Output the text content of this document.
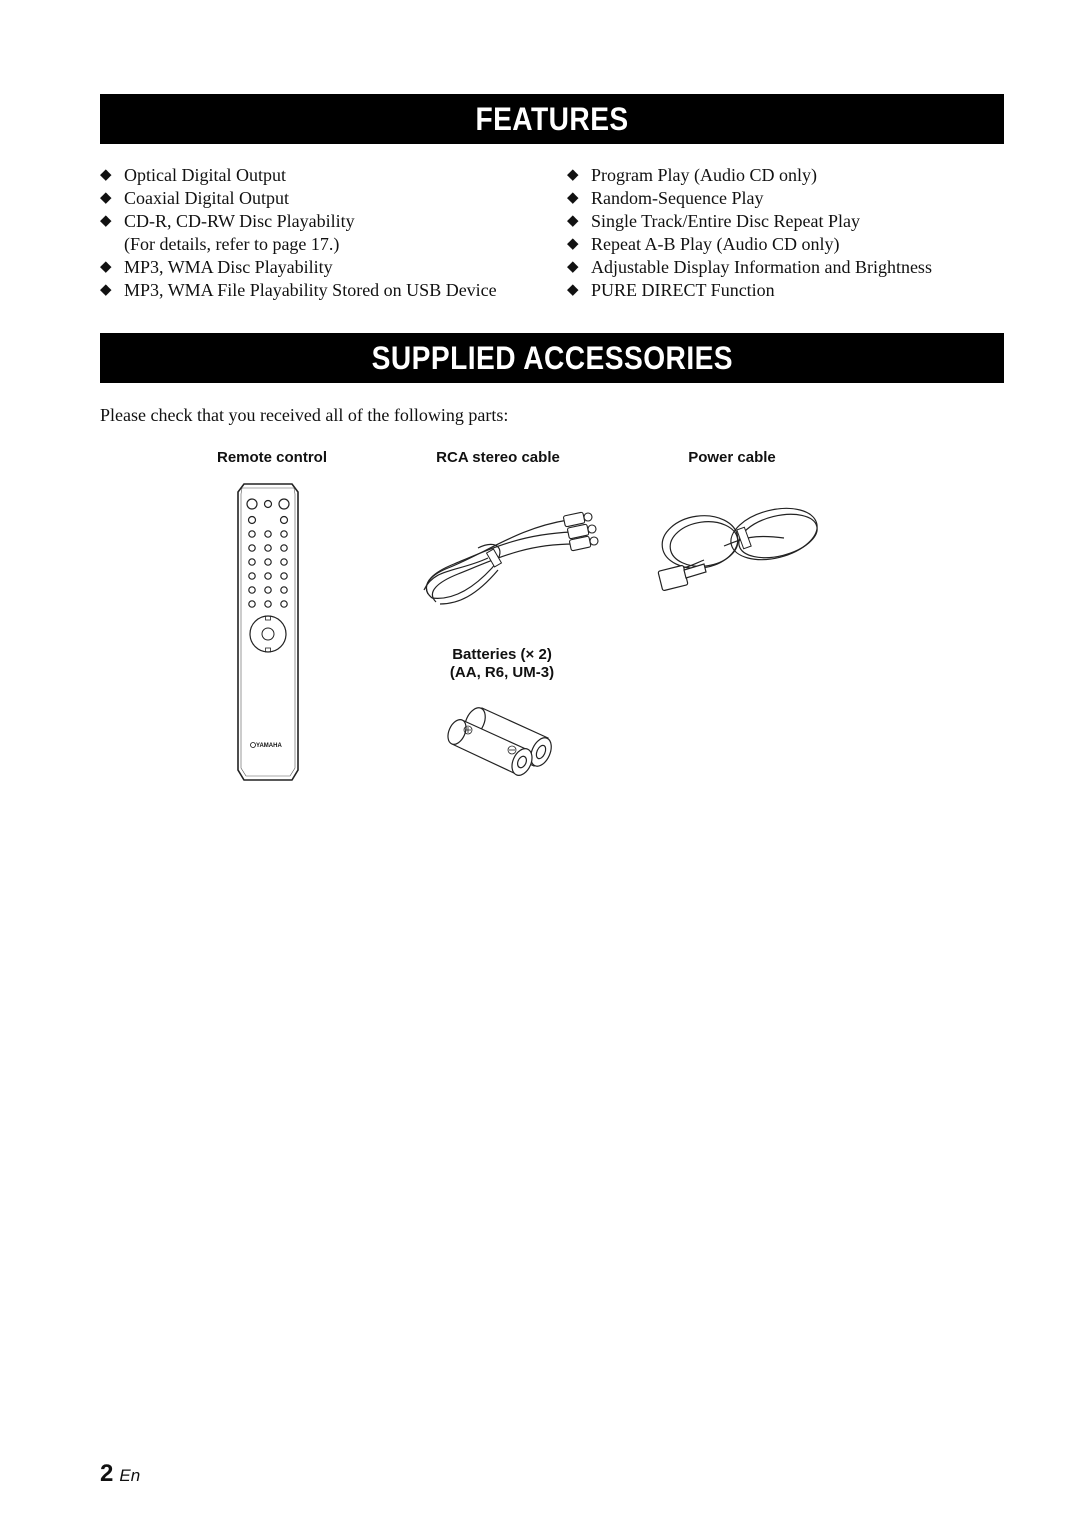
FEATURES
◆ Optical Digital Output
◆ Coaxial Digital Output
◆ CD-R, CD-RW Disc Playability
(For details, refer to page 17.)
◆ MP3, WMA Disc Playability
◆ MP3, WMA File Playability Stored on USB Device
◆ Program Play (Audio CD only)
◆ Random-Sequence Play
◆ Single Track/Entire Disc Repeat Play
◆ Repeat A-B Play (Audio CD only)
◆ Adjustable Display Information and Brightness
◆ PURE DIRECT Function
SUPPLIED ACCESSORIES
Please check that you received all of the following parts:
Remote control	RCA stereo cable	Power cable
Batteries (× 2)
(AA, R6, UM-3)
YAMAHA
2 En
